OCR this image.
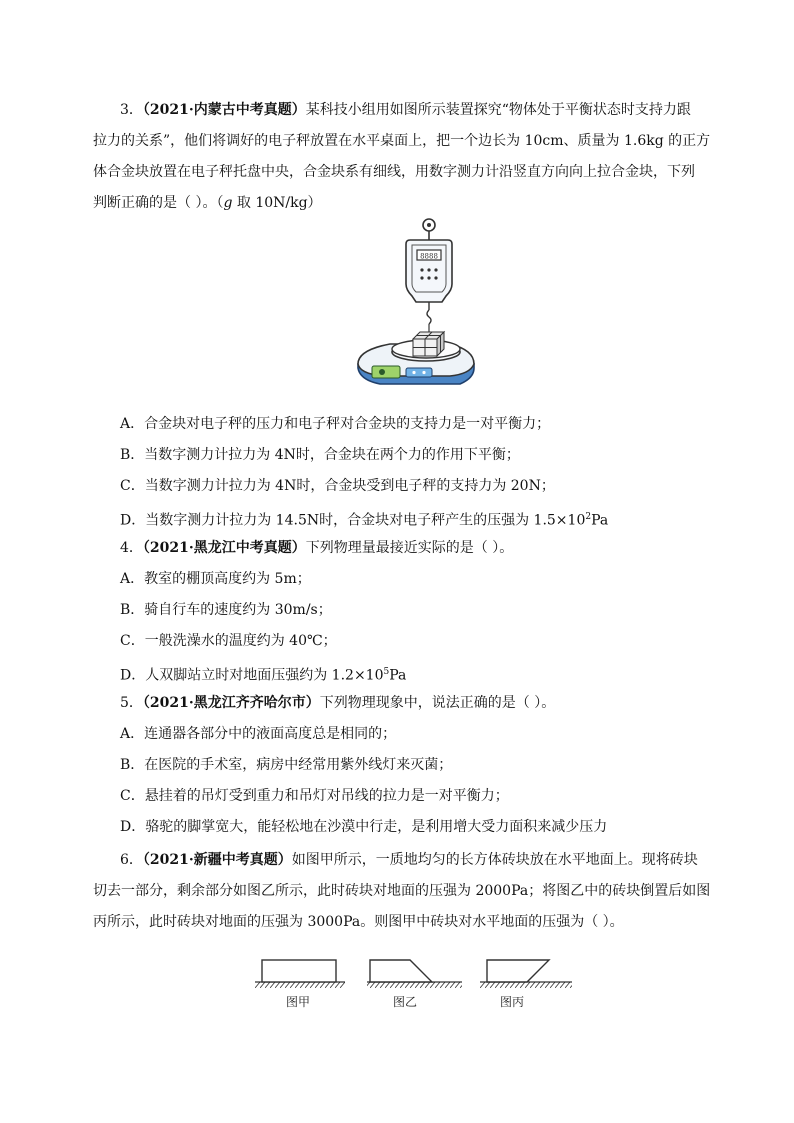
3．（2021·内蒙古中考真题）某科技小组用如图所示装置探究“物体处于平衡状态时支持力跟
拉力的关系”，他们将调好的电子秤放置在水平桌面上，把一个边长为 10cm、质量为 1.6kg 的正方
体合金块放置在电子秤托盘中央，合金块系有细线，用数字测力计沿竖直方向向上拉合金块，下列
判断正确的是（ ）。（g 取 10N/kg）
8888
A．合金块对电子秤的压力和电子秤对合金块的支持力是一对平衡力；
B．当数字测力计拉力为 4N时，合金块在两个力的作用下平衡；
C．当数字测力计拉力为 4N时，合金块受到电子秤的支持力为 20N；
D．当数字测力计拉力为 14.5N时，合金块对电子秤产生的压强为 $1.5\times 10^2Pa$
4．（2021·黑龙江中考真题）下列物理量最接近实际的是（ ）。
A．教室的棚顶高度约为 5m；
B．骑自行车的速度约为 30m/s；
C．一般洗澡水的温度约为 40℃；
D．人双脚站立时对地面压强约为 $1.2\times 10^5Pa$
5．（2021·黑龙江齐齐哈尔市）下列物理现象中，说法正确的是（ ）。
A．连通器各部分中的液面高度总是相同的；
B．在医院的手术室，病房中经常用紫外线灯来灭菌；
C．悬挂着的吊灯受到重力和吊灯对吊线的拉力是一对平衡力；
D．骆驼的脚掌宽大，能轻松地在沙漠中行走，是利用增大受力面积来减少压力
6．（2021·新疆中考真题）如图甲所示，一质地均匀的长方体砖块放在水平地面上。现将砖块
切去一部分，剩余部分如图乙所示，此时砖块对地面的压强为 2000Pa；将图乙中的砖块倒置后如图
丙所示，此时砖块对地面的压强为 3000Pa。则图甲中砖块对水平地面的压强为（ ）。
图甲	图乙	图丙
